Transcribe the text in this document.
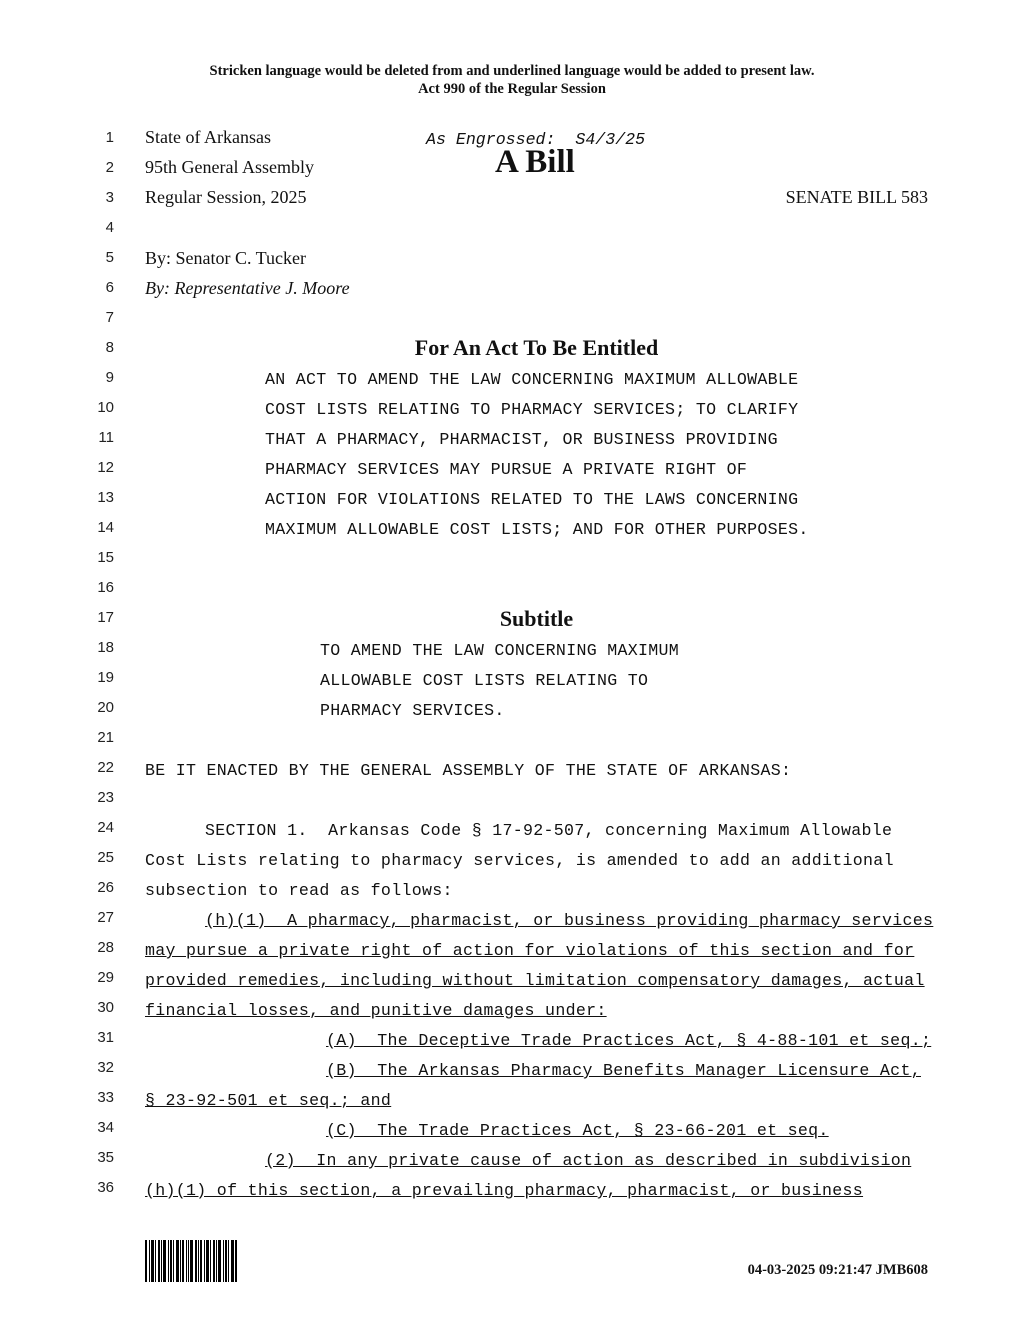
Stricken language would be deleted from and underlined language would be added to present law.
Act 990 of the Regular Session
1
2
3
4
5
6
7
8
9
10
11
12
13
14
15
16
17
18
19
20
21
22
23
24
25
26
27
28
29
30
31
32
33
34
35
36
State of Arkansas	As Engrossed:  S4/3/25
95th General Assembly	A Bill
Regular Session, 2025	SENATE BILL 583
By: Senator C. Tucker
By: Representative J. Moore
For An Act To Be Entitled
AN ACT TO AMEND THE LAW CONCERNING MAXIMUM ALLOWABLE
COST LISTS RELATING TO PHARMACY SERVICES; TO CLARIFY
THAT A PHARMACY, PHARMACIST, OR BUSINESS PROVIDING
PHARMACY SERVICES MAY PURSUE A PRIVATE RIGHT OF
ACTION FOR VIOLATIONS RELATED TO THE LAWS CONCERNING
MAXIMUM ALLOWABLE COST LISTS; AND FOR OTHER PURPOSES.
Subtitle
TO AMEND THE LAW CONCERNING MAXIMUM
ALLOWABLE COST LISTS RELATING TO
PHARMACY SERVICES.
BE IT ENACTED BY THE GENERAL ASSEMBLY OF THE STATE OF ARKANSAS:
SECTION 1.  Arkansas Code § 17-92-507, concerning Maximum Allowable
Cost Lists relating to pharmacy services, is amended to add an additional
subsection to read as follows:
(h)(1)  A pharmacy, pharmacist, or business providing pharmacy services
may pursue a private right of action for violations of this section and for
provided remedies, including without limitation compensatory damages, actual
financial losses, and punitive damages under:
(A)  The Deceptive Trade Practices Act, § 4-88-101 et seq.;
(B)  The Arkansas Pharmacy Benefits Manager Licensure Act,
§ 23-92-501 et seq.; and
(C)  The Trade Practices Act, § 23-66-201 et seq.
(2)  In any private cause of action as described in subdivision
(h)(1) of this section, a prevailing pharmacy, pharmacist, or business
04-03-2025 09:21:47 JMB608
